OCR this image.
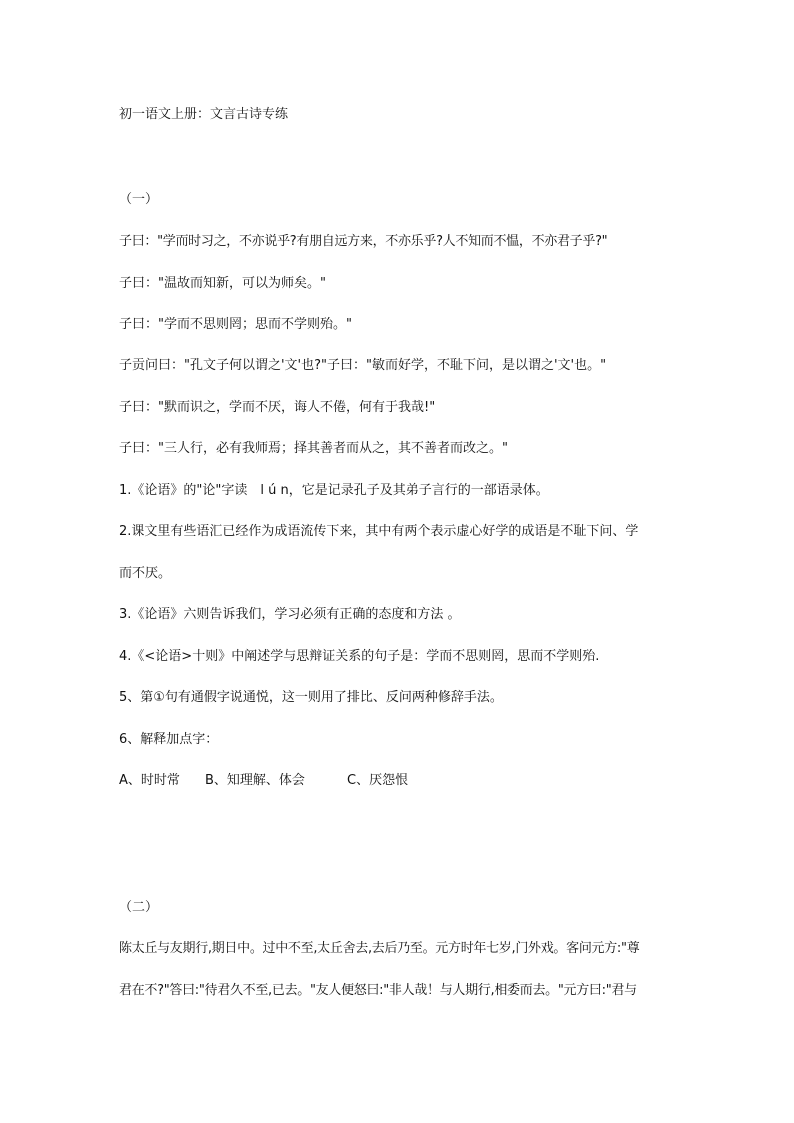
初一语文上册：文言古诗专练
（一）
子曰："学而时习之，不亦说乎?有朋自远方来，不亦乐乎?人不知而不愠，不亦君子乎?"
子曰："温故而知新，可以为师矣。"
子曰："学而不思则罔；思而不学则殆。"
子贡问曰："孔文子何以谓之'文'也?"子曰："敏而好学，不耻下问，是以谓之'文'也。"
子曰："默而识之，学而不厌，诲人不倦，何有于我哉!"
子曰："三人行，必有我师焉；择其善者而从之，其不善者而改之。"
1.《论语》的"论"字读　l ú n，它是记录孔子及其弟子言行的一部语录体。
2.课文里有些语汇已经作为成语流传下来，其中有两个表示虚心好学的成语是不耻下问、学
而不厌。
3.《论语》六则告诉我们，学习必须有正确的态度和方法 。
4.《<论语>十则》中阐述学与思辩证关系的句子是：学而不思则罔，思而不学则殆.
5、第①句有通假字说通悦，这一则用了排比、反问两种修辞手法。
6、解释加点字：
A、时时常 B、知理解、体会	C、厌怨恨
（二）
陈太丘与友期行,期日中。过中不至,太丘舍去,去后乃至。元方时年七岁,门外戏。客问元方:"尊
君在不?"答曰:"待君久不至,已去。"友人便怒曰:"非人哉！与人期行,相委而去。"元方曰:"君与
